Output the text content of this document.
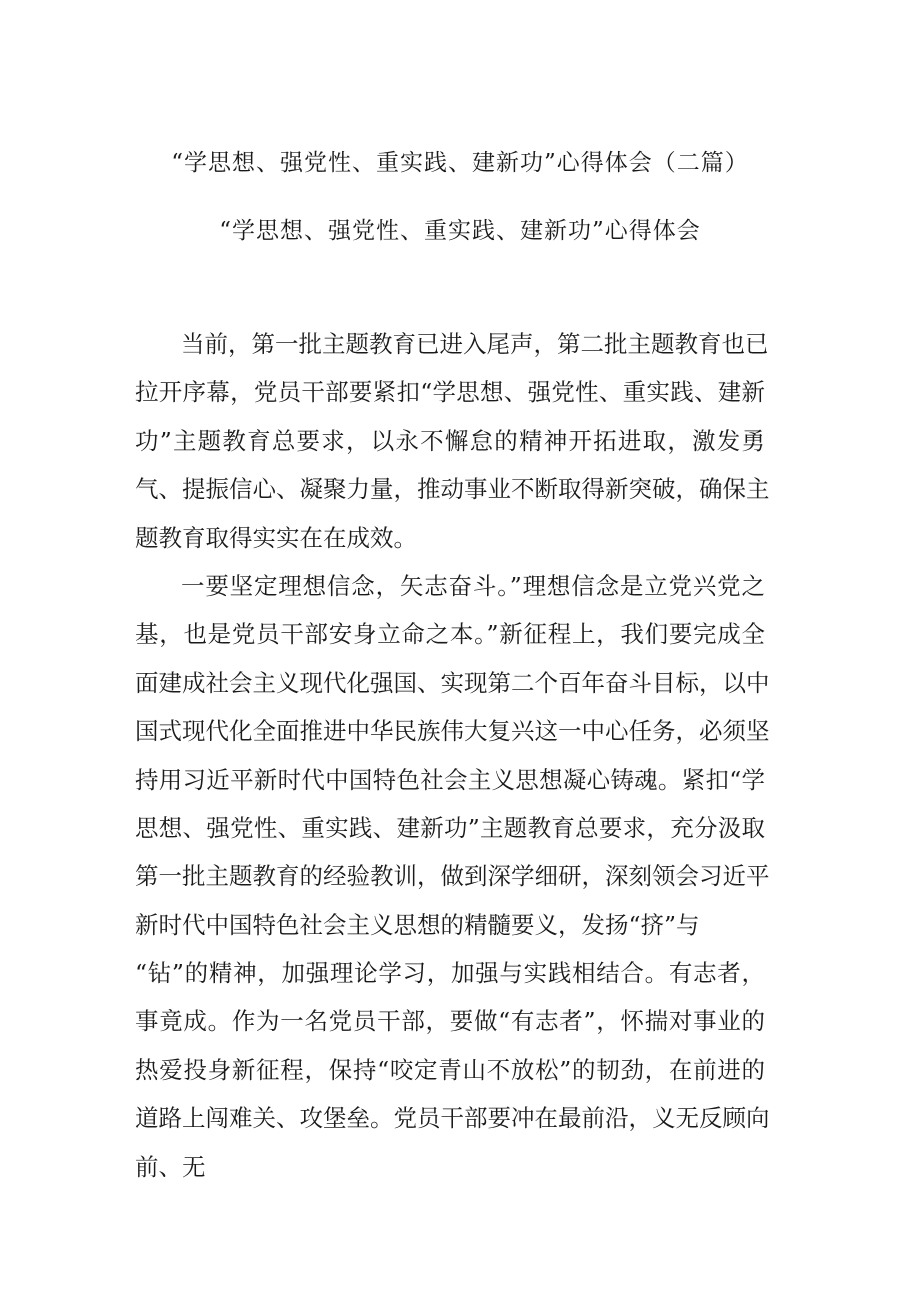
“学思想、强党性、重实践、建新功”心得体会（二篇）
“学思想、强党性、重实践、建新功”心得体会
当前，第一批主题教育已进入尾声，第二批主题教育也已
拉开序幕，党员干部要紧扣“学思想、强党性、重实践、建新
功”主题教育总要求，以永不懈怠的精神开拓进取，激发勇
气、提振信心、凝聚力量，推动事业不断取得新突破，确保主
题教育取得实实在在成效。
一要坚定理想信念，矢志奋斗。”理想信念是立党兴党之
基，也是党员干部安身立命之本。”新征程上，我们要完成全
面建成社会主义现代化强国、实现第二个百年奋斗目标，以中
国式现代化全面推进中华民族伟大复兴这一中心任务，必须坚
持用习近平新时代中国特色社会主义思想凝心铸魂。紧扣“学
思想、强党性、重实践、建新功”主题教育总要求，充分汲取
第一批主题教育的经验教训，做到深学细研，深刻领会习近平
新时代中国特色社会主义思想的精髓要义，发扬“挤”与
“钻”的精神，加强理论学习，加强与实践相结合。有志者，
事竟成。作为一名党员干部，要做“有志者”，怀揣对事业的
热爱投身新征程，保持“咬定青山不放松”的韧劲，在前进的
道路上闯难关、攻堡垒。党员干部要冲在最前沿，义无反顾向
前、无
